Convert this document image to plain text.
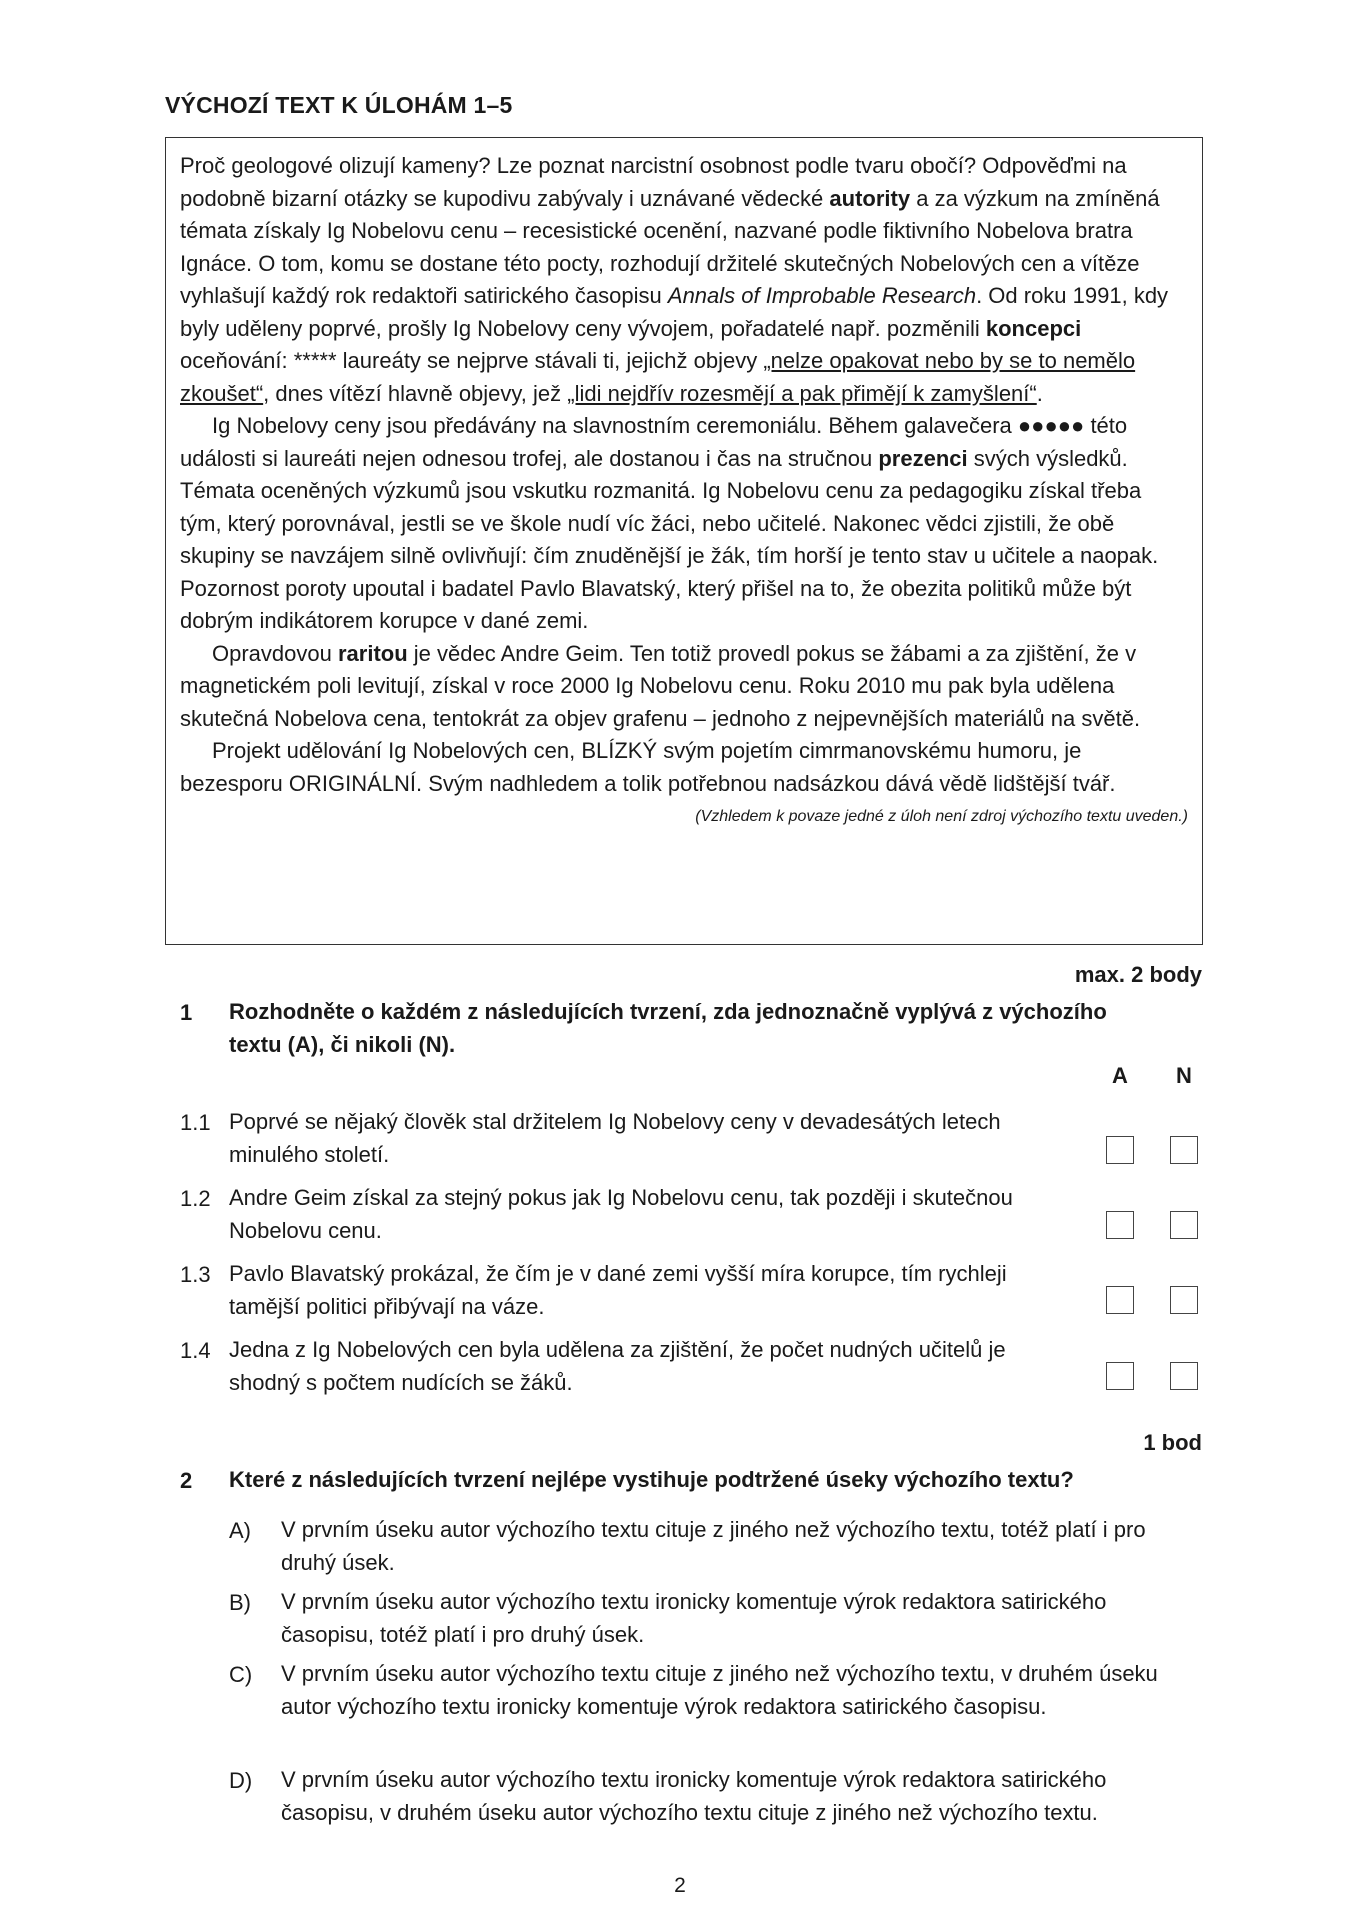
VÝCHOZÍ TEXT K ÚLOHÁM 1–5

Proč geologové olizují kameny? Lze poznat narcistní osobnost podle tvaru obočí? Odpověďmi na podobně bizarní otázky se kupodivu zabývaly i uznávané vědecké autority a za výzkum na zmíněná témata získaly Ig Nobelovu cenu – recesistické ocenění, nazvané podle fiktivního Nobelova bratra Ignáce. O tom, komu se dostane této pocty, rozhodují držitelé skutečných Nobelových cen a vítěze vyhlašují každý rok redaktoři satirického časopisu Annals of Improbable Research. Od roku 1991, kdy byly uděleny poprvé, prošly Ig Nobelovy ceny vývojem, pořadatelé např. pozměnili koncepci oceňování: ***** laureáty se nejprve stávali ti, jejichž objevy „nelze opakovat nebo by se to nemělo zkoušet“, dnes vítězí hlavně objevy, jež „lidi nejdřív rozesmějí a pak přimějí k zamyšlení“.

Ig Nobelovy ceny jsou předávány na slavnostním ceremoniálu. Během galavečera ●●●●● této události si laureáti nejen odnesou trofej, ale dostanou i čas na stručnou prezenci svých výsledků. Témata oceněných výzkumů jsou vskutku rozmanitá. Ig Nobelovu cenu za pedagogiku získal třeba tým, který porovnával, jestli se ve škole nudí víc žáci, nebo učitelé. Nakonec vědci zjistili, že obě skupiny se navzájem silně ovlivňují: čím znuděnější je žák, tím horší je tento stav u učitele a naopak. Pozornost poroty upoutal i badatel Pavlo Blavatský, který přišel na to, že obezita politiků může být dobrým indikátorem korupce v dané zemi.

Opravdovou raritou je vědec Andre Geim. Ten totiž provedl pokus se žábami a za zjištění, že v magnetickém poli levitují, získal v roce 2000 Ig Nobelovu cenu. Roku 2010 mu pak byla udělena skutečná Nobelova cena, tentokrát za objev grafenu – jednoho z nejpevnějších materiálů na světě.

Projekt udělování Ig Nobelových cen, BLÍZKÝ svým pojetím cimrmanovskému humoru, je bezesporu ORIGINÁLNÍ. Svým nadhledem a tolik potřebnou nadsázkou dává vědě lidštější tvář.

(Vzhledem k povaze jedné z úloh není zdroj výchozího textu uveden.)

max. 2 body
1 Rozhodněte o každém z následujících tvrzení, zda jednoznačně vyplývá z výchozího textu (A), či nikoli (N).
A	N
1.1 Poprvé se nějaký člověk stal držitelem Ig Nobelovy ceny v devadesátých letech minulého století.
1.2 Andre Geim získal za stejný pokus jak Ig Nobelovu cenu, tak později i skutečnou Nobelovu cenu.
1.3 Pavlo Blavatský prokázal, že čím je v dané zemi vyšší míra korupce, tím rychleji tamější politici přibývají na váze.
1.4 Jedna z Ig Nobelových cen byla udělena za zjištění, že počet nudných učitelů je shodný s počtem nudících se žáků.
1 bod
2 Které z následujících tvrzení nejlépe vystihuje podtržené úseky výchozího textu?
A) V prvním úseku autor výchozího textu cituje z jiného než výchozího textu, totéž platí i pro druhý úsek.
B) V prvním úseku autor výchozího textu ironicky komentuje výrok redaktora satirického časopisu, totéž platí i pro druhý úsek.
C) V prvním úseku autor výchozího textu cituje z jiného než výchozího textu, v druhém úseku autor výchozího textu ironicky komentuje výrok redaktora satirického časopisu.
D) V prvním úseku autor výchozího textu ironicky komentuje výrok redaktora satirického časopisu, v druhém úseku autor výchozího textu cituje z jiného než výchozího textu.
2
